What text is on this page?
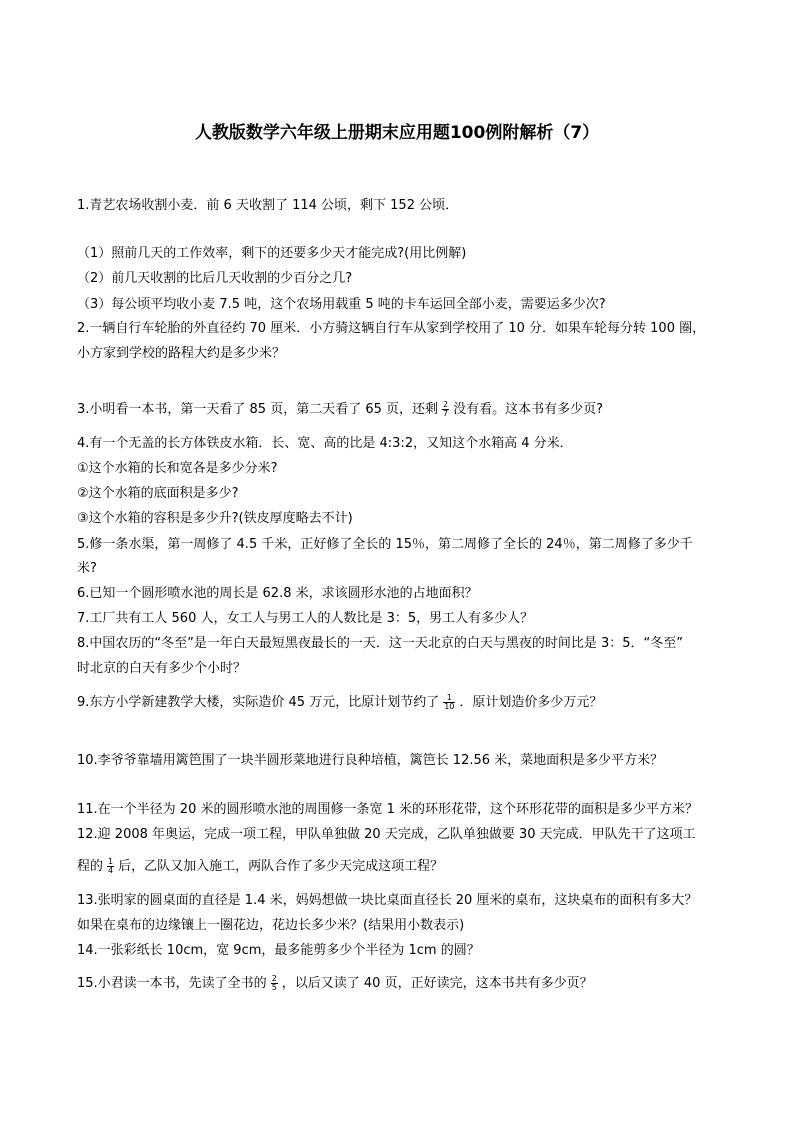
人教版数学六年级上册期末应用题100例附解析（7）
1.青艺农场收割小麦．前 6 天收割了 114 公顷，剩下 152 公顷．
（1）照前几天的工作效率，剩下的还要多少天才能完成?(用比例解)
（2）前几天收割的比后几天收割的少百分之几?
（3）每公顷平均收小麦 7.5 吨，这个农场用载重 5 吨的卡车运回全部小麦，需要运多少次?
2.一辆自行车轮胎的外直径约 70 厘米．小方骑这辆自行车从家到学校用了 10 分．如果车轮每分转 100 圈，
小方家到学校的路程大约是多少米？
3.小明看一本书，第一天看了 85 页，第二天看了 65 页，还剩 $\frac{2}{7}$ 没有看。这本书有多少页?
4.有一个无盖的长方体铁皮水箱．长、宽、高的比是 4:3:2，又知这个水箱高 4 分米．
①这个水箱的长和宽各是多少分米?
②这个水箱的底面积是多少?
③这个水箱的容积是多少升?(铁皮厚度略去不计)
5.修一条水渠，第一周修了 4.5 千米，正好修了全长的 15％，第二周修了全长的 24％，第二周修了多少千
米?
6.已知一个圆形喷水池的周长是 62.8 米，求该圆形水池的占地面积？
7.工厂共有工人 560 人，女工人与男工人的人数比是 3：5，男工人有多少人？
8.中国农历的“冬至”是一年白天最短黑夜最长的一天．这一天北京的白天与黑夜的时间比是 3：5．“冬至”
时北京的白天有多少个小时？
9.东方小学新建教学大楼，实际造价 45 万元，比原计划节约了 $\frac{1}{10}$ ．原计划造价多少万元？
10.李爷爷靠墙用篱笆围了一块半圆形菜地进行良种培植，篱笆长 12.56 米，菜地面积是多少平方米？
11.在一个半径为 20 米的圆形喷水池的周围修一条宽 1 米的环形花带，这个环形花带的面积是多少平方米？
12.迎 2008 年奥运，完成一项工程，甲队单独做 20 天完成，乙队单独做要 30 天完成．甲队先干了这项工
程的 $\frac{1}{4}$ 后，乙队又加入施工，两队合作了多少天完成这项工程？
13.张明家的圆桌面的直径是 1.4 米，妈妈想做一块比桌面直径长 20 厘米的桌布，这块桌布的面积有多大？
如果在桌布的边缘镶上一圈花边，花边长多少米？(结果用小数表示)
14.一张彩纸长 10cm，宽 9cm，最多能剪多少个半径为 1cm 的圆？
15.小君读一本书，先读了全书的 $\frac{2}{5}$ ，以后又读了 40 页，正好读完，这本书共有多少页？
